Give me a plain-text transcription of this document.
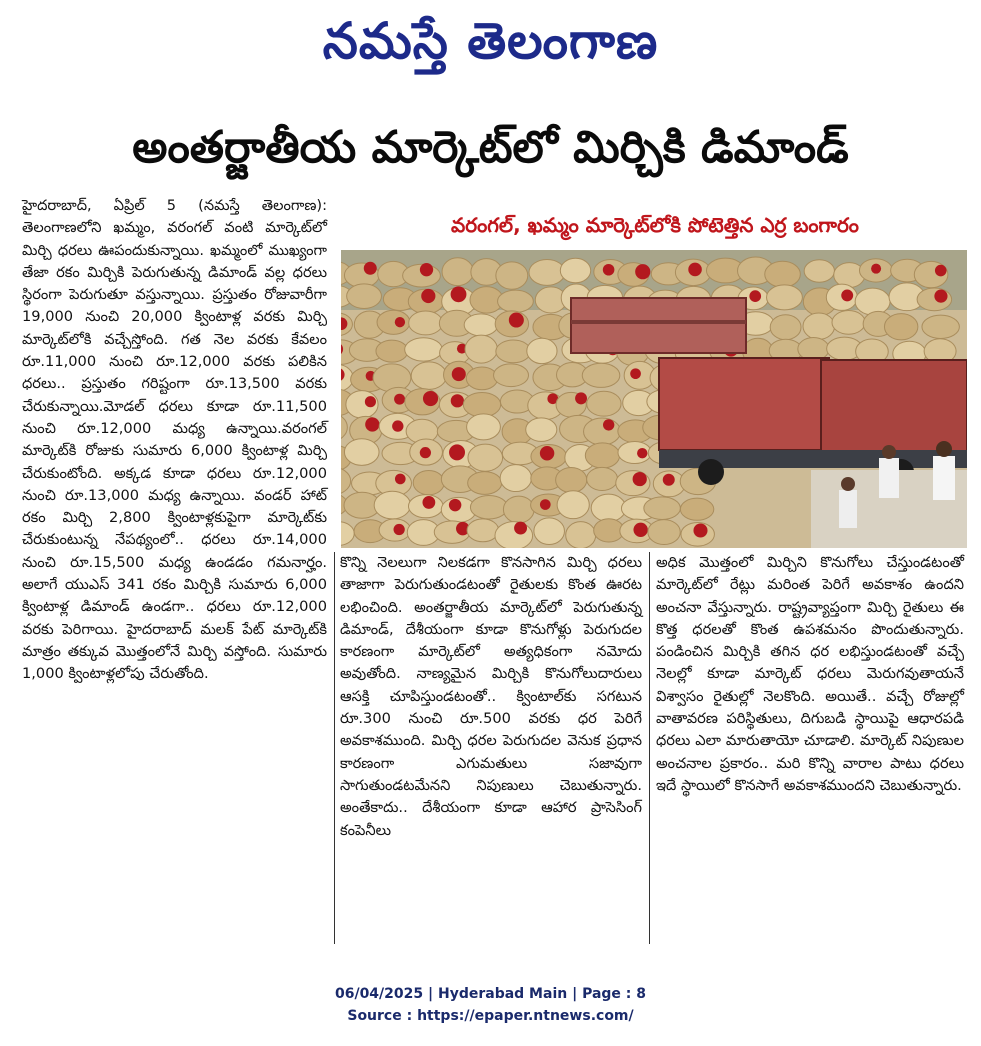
నమస్తే తెలంగాణ
అంతర్జాతీయ మార్కెట్‌లో మిర్చికి డిమాండ్
హైదరాబాద్, ఏప్రిల్ 5 (నమస్తే తెలంగాణ): తెలంగాణలోని ఖమ్మం, వరంగల్ వంటి మార్కెట్‌లో మిర్చి ధరలు ఊపందుకున్నాయి. ఖమ్మంలో ముఖ్యంగా తేజా రకం మిర్చికి పెరుగుతున్న డిమాండ్ వల్ల ధరలు స్థిరంగా పెరుగుతూ వస్తున్నాయి. ప్రస్తుతం రోజువారీగా 19,000 నుంచి 20,000 క్వింటాళ్ల వరకు మిర్చి మార్కెట్‌లోకి వచ్చేస్తోంది. గత నెల వరకు కేవలం రూ.11,000 నుంచి రూ.12,000 వరకు పలికిన ధరలు.. ప్రస్తుతం గరిష్టంగా రూ.13,500 వరకు చేరుకున్నాయి.మోడల్ ధరలు కూడా రూ.11,500 నుంచి రూ.12,000 మధ్య ఉన్నాయి.వరంగల్ మార్కెట్‌కి రోజుకు సుమారు 6,000 క్వింటాళ్ల మిర్చి చేరుకుంటోంది. అక్కడ కూడా ధరలు రూ.12,000 నుంచి రూ.13,000 మధ్య ఉన్నాయి. వండర్ హాట్ రకం మిర్చి 2,800 క్వింటాళ్లకుపైగా మార్కెట్‌కు చేరుకుంటున్న నేపథ్యంలో.. ధరలు రూ.14,000 నుంచి రూ.15,500 మధ్య ఉండడం గమనార్హం. అలాగే యుఎస్ 341 రకం మిర్చికి సుమారు 6,000 క్వింటాళ్ల డిమాండ్ ఉండగా.. ధరలు రూ.12,000 వరకు పెరిగాయి. హైదరాబాద్ మలక్ పేట్ మార్కెట్‌కి మాత్రం తక్కువ మొత్తంలోనే మిర్చి వస్తోంది. సుమారు 1,000 క్వింటాళ్లలోపు చేరుతోంది.
వరంగల్, ఖమ్మం మార్కెట్‌లోకి పోటెత్తిన ఎర్ర బంగారం
కొన్ని నెలలుగా నిలకడగా కొనసాగిన మిర్చి ధరలు తాజాగా పెరుగుతుండటంతో రైతులకు కొంత ఊరట లభించింది. అంతర్జాతీయ మార్కెట్‌లో పెరుగుతున్న డిమాండ్, దేశీయంగా కూడా కొనుగోళ్లు పెరుగుదల కారణంగా మార్కెట్‌లో అత్యధికంగా నమోదు అవుతోంది. నాణ్యమైన మిర్చికి కొనుగోలుదారులు ఆసక్తి చూపిస్తుండటంతో.. క్వింటాల్‌కు సగటున రూ.300 నుంచి రూ.500 వరకు ధర పెరిగే అవకాశముంది. మిర్చి ధరల పెరుగుదల వెనుక ప్రధాన కారణంగా ఎగుమతులు సజావుగా సాగుతుండటమేనని నిపుణులు చెబుతున్నారు. అంతేకాదు.. దేశీయంగా కూడా ఆహార ప్రాసెసింగ్ కంపెనీలు
అధిక మొత్తంలో మిర్చిని కొనుగోలు చేస్తుండటంతో మార్కెట్‌లో రేట్లు మరింత పెరిగే అవకాశం ఉందని అంచనా వేస్తున్నారు. రాష్ట్రవ్యాప్తంగా మిర్చి రైతులు ఈ కొత్త ధరలతో కొంత ఉపశమనం పొందుతున్నారు. పండించిన మిర్చికి తగిన ధర లభిస్తుండటంతో వచ్చే నెలల్లో కూడా మార్కెట్ ధరలు మెరుగవుతాయనే విశ్వాసం రైతుల్లో నెలకొంది. అయితే.. వచ్చే రోజుల్లో వాతావరణ పరిస్థితులు, దిగుబడి స్థాయిపై ఆధారపడి ధరలు ఎలా మారుతాయో చూడాలి. మార్కెట్ నిపుణుల అంచనాల ప్రకారం.. మరి కొన్ని వారాల పాటు ధరలు ఇదే స్థాయిలో కొనసాగే అవకాశముందని చెబుతున్నారు.
06/04/2025 | Hyderabad Main | Page : 8
Source : https://epaper.ntnews.com/
